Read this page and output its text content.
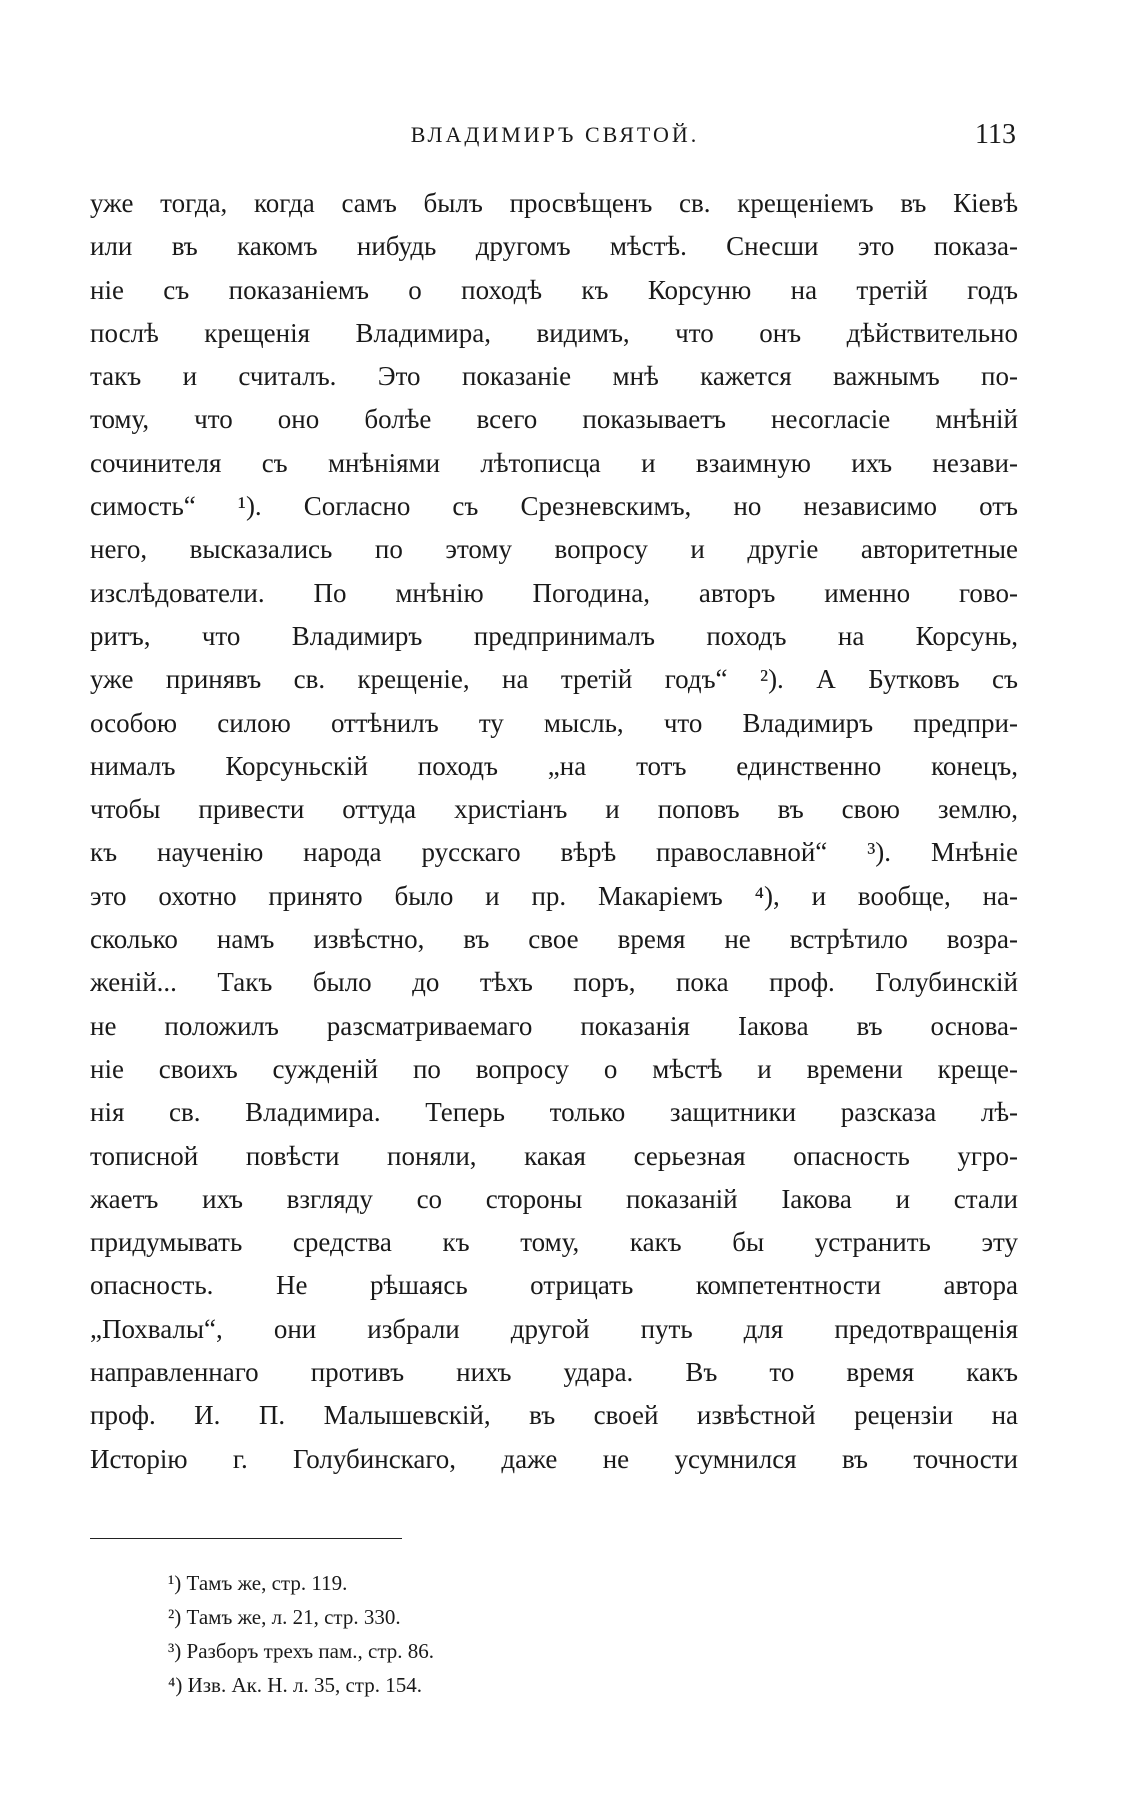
ВЛАДИМИРЪ СВЯТОЙ.	113
уже тогда, когда самъ былъ просвѣщенъ св. крещеніемъ въ Кіевѣ
или въ какомъ нибудь другомъ мѣстѣ. Снесши это показа-
ніе съ показаніемъ о походѣ къ Корсуню на третій годъ
послѣ крещенія Владимира, видимъ, что онъ дѣйствительно
такъ и считалъ. Это показаніе мнѣ кажется важнымъ по-
тому, что оно болѣе всего показываетъ несогласіе мнѣній
сочинителя съ мнѣніями лѣтописца и взаимную ихъ незави-
симость“ ¹). Согласно съ Срезневскимъ, но независимо отъ
него, высказались по этому вопросу и другіе авторитетные
изслѣдователи. По мнѣнію Погодина, авторъ именно гово-
ритъ, что Владимиръ предпринималъ походъ на Корсунь,
уже принявъ св. крещеніе, на третій годъ“ ²). А Бутковъ съ
особою силою оттѣнилъ ту мысль, что Владимиръ предпри-
нималъ Корсуньскій походъ „на тотъ единственно конецъ,
чтобы привести оттуда христіанъ и поповъ въ свою землю,
къ наученію народа русскаго вѣрѣ православной“ ³). Мнѣніе
это охотно принято было и пр. Макаріемъ ⁴), и вообще, на-
сколько намъ извѣстно, въ свое время не встрѣтило возра-
женій... Такъ было до тѣхъ поръ, пока проф. Голубинскій
не положилъ разсматриваемаго показанія Іакова въ основа-
ніе своихъ сужденій по вопросу о мѣстѣ и времени креще-
нія св. Владимира. Теперь только защитники разсказа лѣ-
тописной повѣсти поняли, какая серьезная опасность угро-
жаетъ ихъ взгляду со стороны показаній Іакова и стали
придумывать средства къ тому, какъ бы устранить эту
опасность. Не рѣшаясь отрицать компетентности автора
„Похвалы“, они избрали другой путь для предотвращенія
направленнаго противъ нихъ удара. Въ то время какъ
проф. И. П. Малышевскій, въ своей извѣстной рецензіи на
Исторію г. Голубинскаго, даже не усумнился въ точности
¹) Тамъ же, стр. 119.
²) Тамъ же, л. 21, стр. 330.
³) Разборъ трехъ пам., стр. 86.
⁴) Изв. Ак. Н. л. 35, стр. 154.
